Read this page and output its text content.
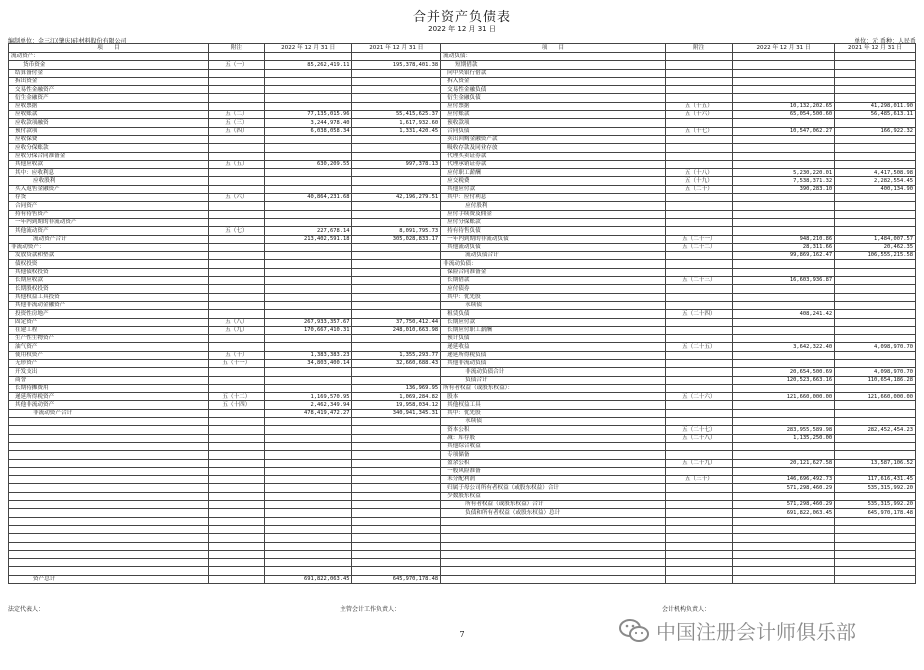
合并资产负债表
2022 年 12 月 31 日
编制单位：金三江(肇庆)硅材料股份有限公司	单位：元 币种：人民币
项　　目	附注	2022 年 12 月 31 日	2021 年 12 月 31 日	项　　目	附注	2022 年 12 月 31 日	2021 年 12 月 31 日
流动资产：				流动负债：			
货币资金	五（一）	85,262,419.11	195,378,401.38	短期借款			
结算备付金				向中央银行借款			
拆出资金				拆入资金			
交易性金融资产				交易性金融负债			
衍生金融资产				衍生金融负债			
应收票据				应付票据	五（十五）	10,132,202.65	41,298,011.90
应收账款	五（二）	77,135,015.96	55,415,625.37	应付账款	五（十六）	65,054,500.60	56,485,613.11
应收款项融资	五（三）	3,244,978.40	1,617,932.60	预收款项			
预付款项	五（四）	6,038,058.34	1,331,420.45	合同负债	五（十七）	10,547,062.27	166,922.32
应收保费				卖出回购金融资产款			
应收分保账款				吸收存款及同业存放			
应收分保合同准备金				代理买卖证券款			
其他应收款	五（五）	630,209.55	997,378.13	代理承销证券款			
其中：应收利息				应付职工薪酬	五（十八）	5,230,220.01	4,417,508.98
应收股利				应交税费	五（十九）	7,538,371.32	2,282,554.45
买入返售金融资产				其他应付款	五（二十）	390,283.10	400,134.90
存货	五（六）	40,864,231.68	42,196,279.51	其中：应付利息			
合同资产				应付股利			
持有待售资产				应付手续费及佣金			
一年内到期的非流动资产				应付分保账款			
其他流动资产	五（七）	227,678.14	8,091,795.73	持有待售负债			
流动资产合计		213,402,591.18	305,028,833.17	一年内到期的非流动负债	五（二十一）	948,210.86	1,484,007.57
非流动资产：				其他流动负债	五（二十二）	28,311.66	20,462.35
发放贷款和垫款				流动负债合计		99,869,162.47	106,555,215.58
债权投资				非流动负债：			
其他债权投资				保险合同准备金			
长期应收款				长期借款	五（二十三）	16,603,936.87	
长期股权投资				应付债券			
其他权益工具投资				其中：优先股			
其他非流动金融资产				永续债			
投资性房地产				租赁负债	五（二十四）	408,241.42	
固定资产	五（八）	267,933,357.67	37,750,412.44	长期应付款			
在建工程	五（九）	170,667,410.31	248,010,663.98	长期应付职工薪酬			
生产性生物资产				预计负债			
油气资产				递延收益	五（二十五）	3,642,322.40	4,098,970.70
使用权资产	五（十）	1,383,383.23	1,355,293.77	递延所得税负债			
无形资产	五（十一）	34,803,400.14	32,660,688.43	其他非流动负债			
开发支出				非流动负债合计		20,654,500.69	4,098,970.70
商誉				负债合计		120,523,663.16	110,654,186.28
长期待摊费用			136,969.95	所有者权益（或股东权益）：			
递延所得税资产	五（十二）	1,169,570.95	1,069,284.82	股本	五（二十六）	121,660,000.00	121,660,000.00
其他非流动资产	五（十四）	2,462,349.94	19,958,034.12	其他权益工具			
非流动资产合计		478,419,472.27	340,941,345.31	其中：优先股			
				永续债			
				资本公积	五（二十七）	283,955,589.98	282,452,454.23
				减：库存股	五（二十八）	1,135,250.00	
				其他综合收益			
				专项储备			
				盈余公积	五（二十九）	20,121,627.58	13,587,106.52
				一般风险准备			
				未分配利润	五（三十）	146,696,492.73	117,616,431.45
				归属于母公司所有者权益（或股东权益）合计		571,298,460.29	535,315,992.20
				少数股东权益			
				所有者权益（或股东权益）合计		571,298,460.29	535,315,992.20
				负债和所有者权益（或股东权益）总计		691,822,063.45	645,970,178.48

资产总计		691,822,063.45	645,970,178.48				
法定代表人：	主管会计工作负责人：	会计机构负责人：
7	中国注册会计师俱乐部
